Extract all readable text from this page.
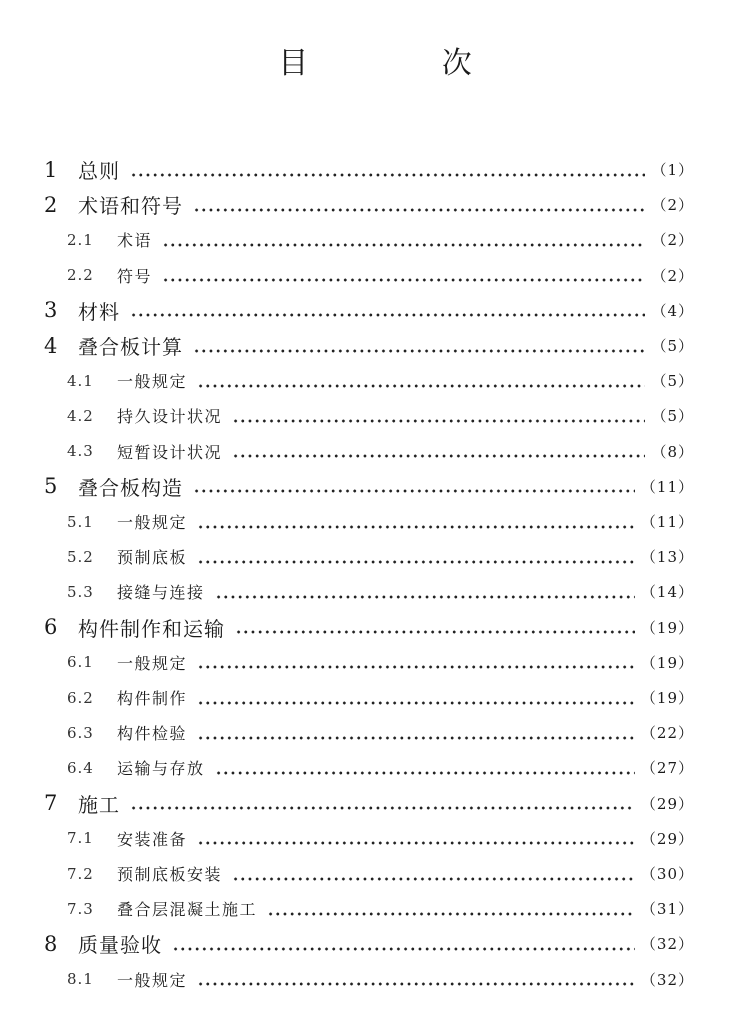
目 次
1 总则	（1）
2 术语和符号	（2）
2.1 术语	（2）
2.2 符号	（2）
3 材料	（4）
4 叠合板计算	（5）
4.1 一般规定	（5）
4.2 持久设计状况	（5）
4.3 短暂设计状况	（8）
5 叠合板构造	（11）
5.1 一般规定	（11）
5.2 预制底板	（13）
5.3 接缝与连接	（14）
6 构件制作和运输	（19）
6.1 一般规定	（19）
6.2 构件制作	（19）
6.3 构件检验	（22）
6.4 运输与存放	（27）
7 施工	（29）
7.1 安装准备	（29）
7.2 预制底板安装	（30）
7.3 叠合层混凝土施工	（31）
8 质量验收	（32）
8.1 一般规定	（32）
